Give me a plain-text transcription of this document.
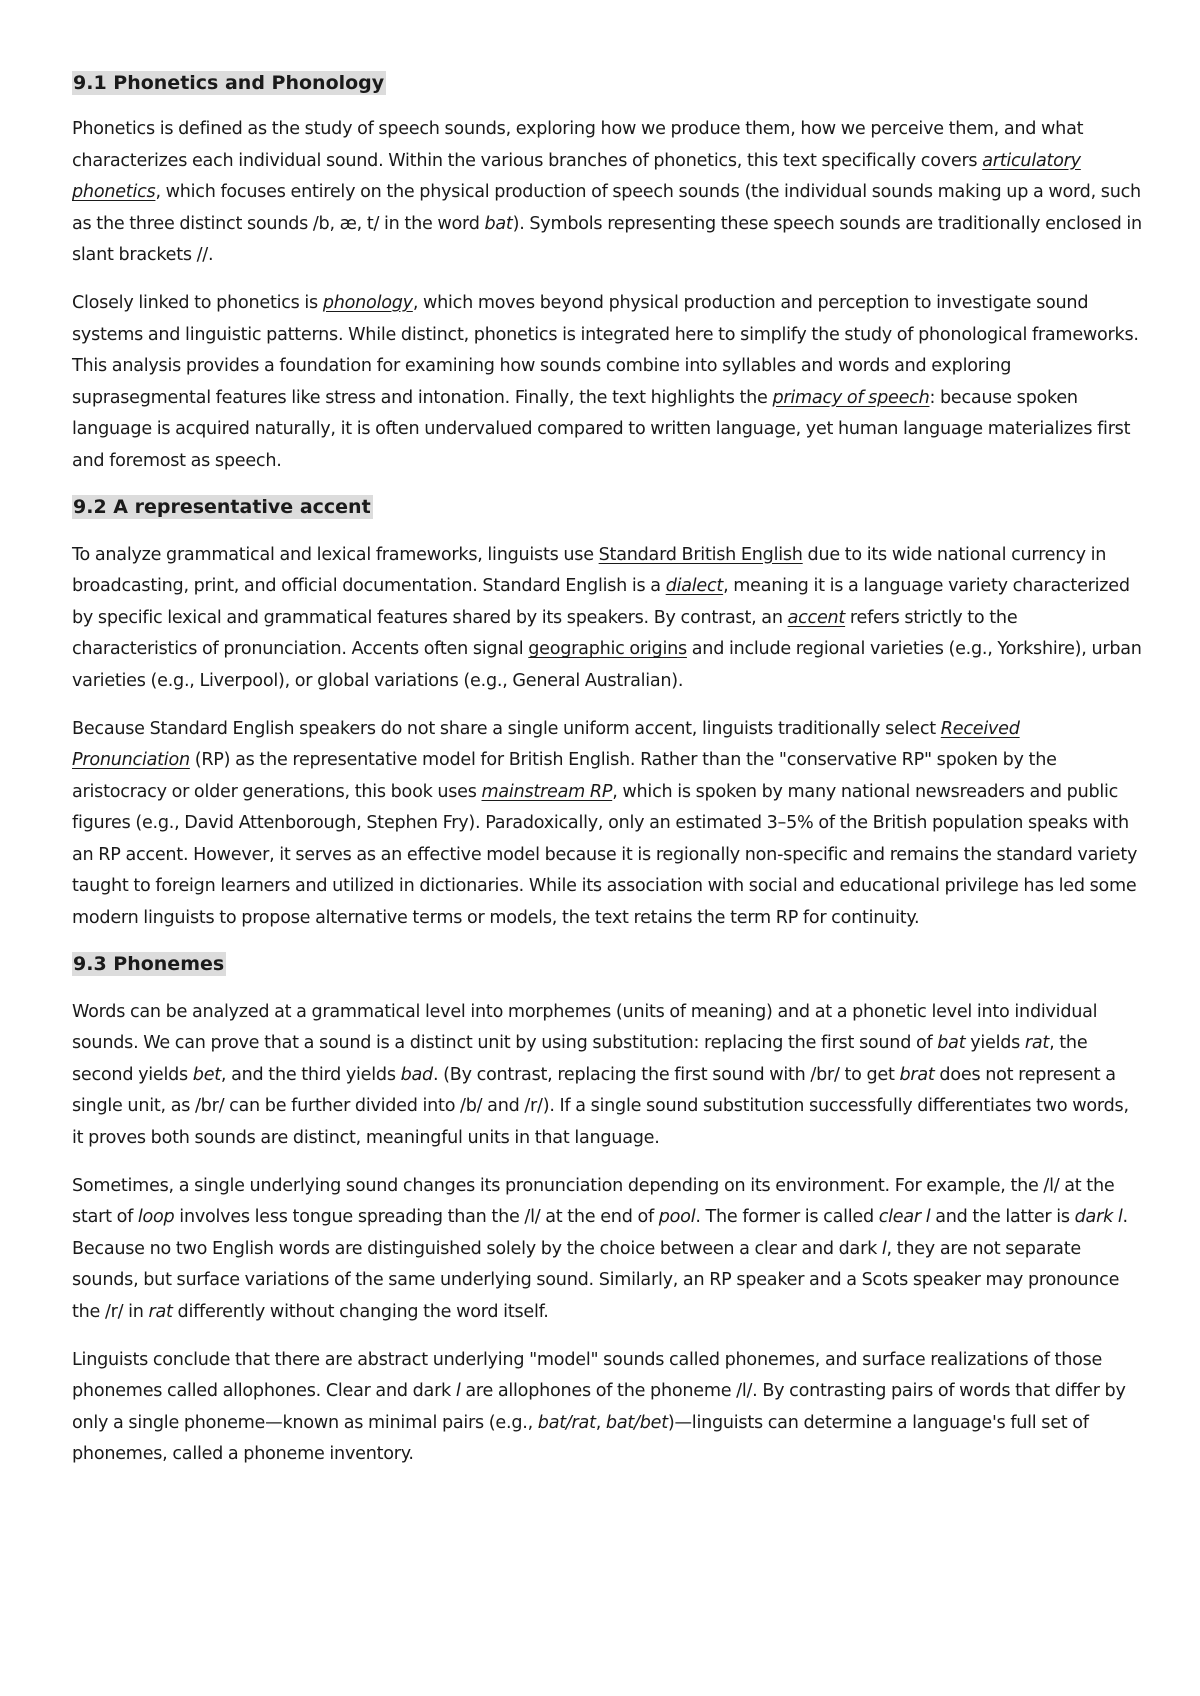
9.1 Phonetics and Phonology

Phonetics is defined as the study of speech sounds, exploring how we produce them, how we perceive them, and what characterizes each individual sound. Within the various branches of phonetics, this text specifically covers articulatory phonetics, which focuses entirely on the physical production of speech sounds (the individual sounds making up a word, such as the three distinct sounds /b, æ, t/ in the word bat). Symbols representing these speech sounds are traditionally enclosed in slant brackets //.

Closely linked to phonetics is phonology, which moves beyond physical production and perception to investigate sound systems and linguistic patterns. While distinct, phonetics is integrated here to simplify the study of phonological frameworks. This analysis provides a foundation for examining how sounds combine into syllables and words and exploring suprasegmental features like stress and intonation. Finally, the text highlights the primacy of speech: because spoken language is acquired naturally, it is often undervalued compared to written language, yet human language materializes first and foremost as speech.

9.2 A representative accent

To analyze grammatical and lexical frameworks, linguists use Standard British English due to its wide national currency in broadcasting, print, and official documentation. Standard English is a dialect, meaning it is a language variety characterized by specific lexical and grammatical features shared by its speakers. By contrast, an accent refers strictly to the characteristics of pronunciation. Accents often signal geographic origins and include regional varieties (e.g., Yorkshire), urban varieties (e.g., Liverpool), or global variations (e.g., General Australian).

Because Standard English speakers do not share a single uniform accent, linguists traditionally select Received Pronunciation (RP) as the representative model for British English. Rather than the "conservative RP" spoken by the aristocracy or older generations, this book uses mainstream RP, which is spoken by many national newsreaders and public figures (e.g., David Attenborough, Stephen Fry). Paradoxically, only an estimated 3–5% of the British population speaks with an RP accent. However, it serves as an effective model because it is regionally non-specific and remains the standard variety taught to foreign learners and utilized in dictionaries. While its association with social and educational privilege has led some modern linguists to propose alternative terms or models, the text retains the term RP for continuity.

9.3 Phonemes

Words can be analyzed at a grammatical level into morphemes (units of meaning) and at a phonetic level into individual sounds. We can prove that a sound is a distinct unit by using substitution: replacing the first sound of bat yields rat, the second yields bet, and the third yields bad. (By contrast, replacing the first sound with /br/ to get brat does not represent a single unit, as /br/ can be further divided into /b/ and /r/). If a single sound substitution successfully differentiates two words, it proves both sounds are distinct, meaningful units in that language.

Sometimes, a single underlying sound changes its pronunciation depending on its environment. For example, the /l/ at the start of loop involves less tongue spreading than the /l/ at the end of pool. The former is called clear l and the latter is dark l. Because no two English words are distinguished solely by the choice between a clear and dark l, they are not separate sounds, but surface variations of the same underlying sound. Similarly, an RP speaker and a Scots speaker may pronounce the /r/ in rat differently without changing the word itself.

Linguists conclude that there are abstract underlying "model" sounds called phonemes, and surface realizations of those phonemes called allophones. Clear and dark l are allophones of the phoneme /l/. By contrasting pairs of words that differ by only a single phoneme—known as minimal pairs (e.g., bat/rat, bat/bet)—linguists can determine a language's full set of phonemes, called a phoneme inventory.
